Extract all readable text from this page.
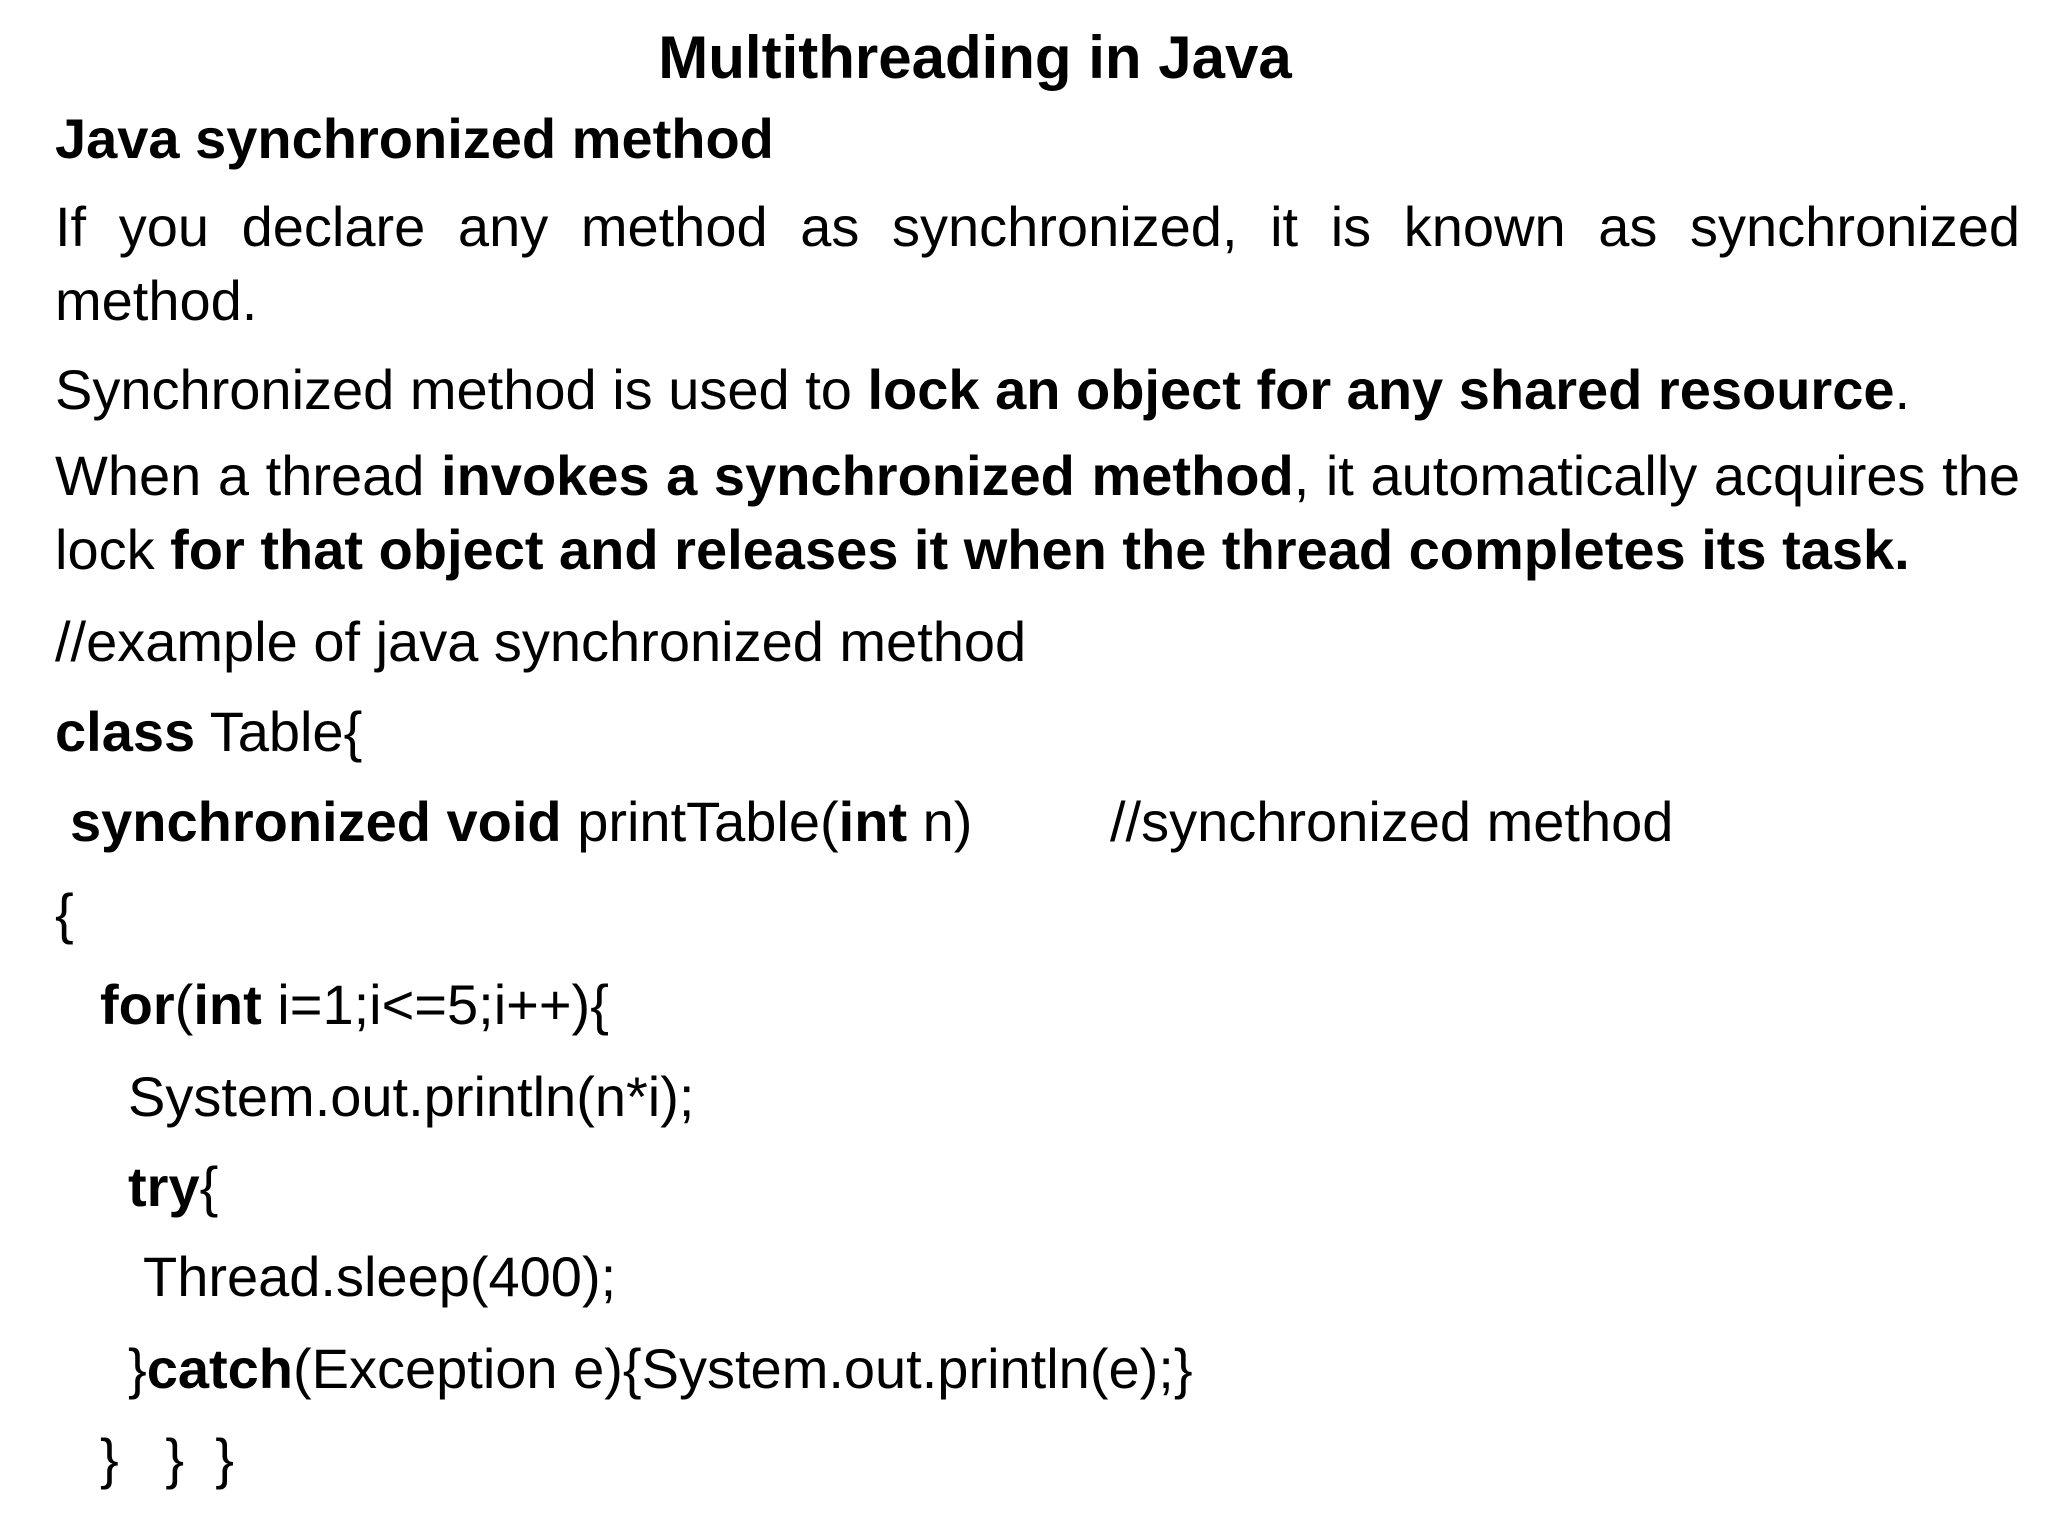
Multithreading in Java
Java synchronized method
If you declare any method as synchronized, it is known as synchronized
method.
Synchronized method is used to lock an object for any shared resource.
When a thread invokes a synchronized method, it automatically acquires the
lock for that object and releases it when the thread completes its task.
//example of java synchronized method
class Table{
synchronized void printTable(int n) //synchronized method
{
for(int i=1;i<=5;i++){
System.out.println(n*i);
try{
Thread.sleep(400);
}catch(Exception e){System.out.println(e);}
}   }  }
